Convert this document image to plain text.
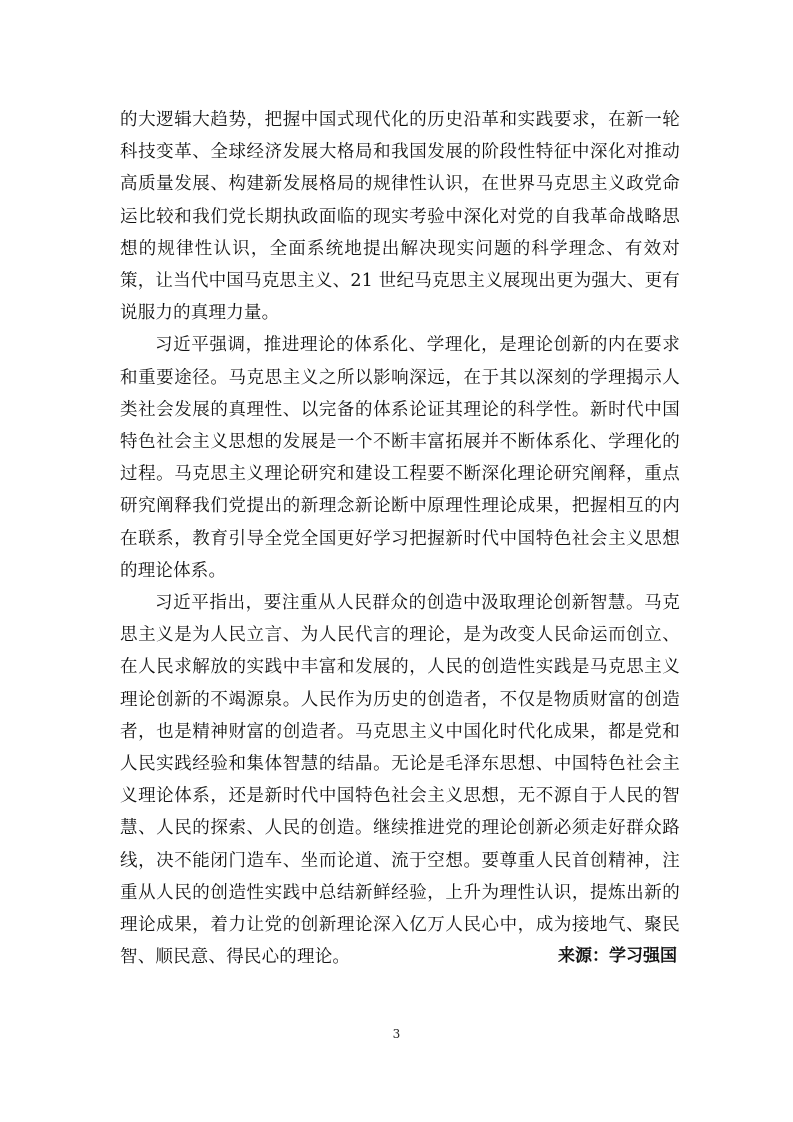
的大逻辑大趋势，把握中国式现代化的历史沿革和实践要求，在新一轮科技变革、全球经济发展大格局和我国发展的阶段性特征中深化对推动高质量发展、构建新发展格局的规律性认识，在世界马克思主义政党命运比较和我们党长期执政面临的现实考验中深化对党的自我革命战略思想的规律性认识，全面系统地提出解决现实问题的科学理念、有效对策，让当代中国马克思主义、21 世纪马克思主义展现出更为强大、更有说服力的真理力量。

习近平强调，推进理论的体系化、学理化，是理论创新的内在要求和重要途径。马克思主义之所以影响深远，在于其以深刻的学理揭示人类社会发展的真理性、以完备的体系论证其理论的科学性。新时代中国特色社会主义思想的发展是一个不断丰富拓展并不断体系化、学理化的过程。马克思主义理论研究和建设工程要不断深化理论研究阐释，重点研究阐释我们党提出的新理念新论断中原理性理论成果，把握相互的内在联系，教育引导全党全国更好学习把握新时代中国特色社会主义思想的理论体系。

习近平指出，要注重从人民群众的创造中汲取理论创新智慧。马克思主义是为人民立言、为人民代言的理论，是为改变人民命运而创立、在人民求解放的实践中丰富和发展的，人民的创造性实践是马克思主义理论创新的不竭源泉。人民作为历史的创造者，不仅是物质财富的创造者，也是精神财富的创造者。马克思主义中国化时代化成果，都是党和人民实践经验和集体智慧的结晶。无论是毛泽东思想、中国特色社会主义理论体系，还是新时代中国特色社会主义思想，无不源自于人民的智慧、人民的探索、人民的创造。继续推进党的理论创新必须走好群众路线，决不能闭门造车、坐而论道、流于空想。要尊重人民首创精神，注重从人民的创造性实践中总结新鲜经验，上升为理性认识，提炼出新的理论成果，着力让党的创新理论深入亿万人民心中，成为接地气、聚民智、顺民意、得民心的理论。	来源：学习强国
3
